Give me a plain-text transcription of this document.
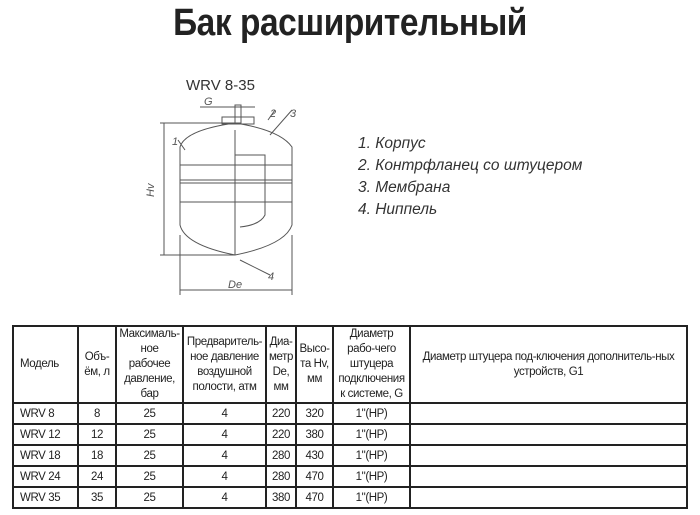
Бак расширительный
WRV 8-35
G
Hv
De
1
2 3
4
1. Корпус
2. Контрфланец со штуцером
3. Мембрана
4. Ниппель
Модель	Объ-ём, л	Максималь-ное рабочее давление, бар	Предваритель-ное давление воздушной полости, атм	Диа-метр De, мм	Высо-та Hv, мм	Диаметр рабо-чего штуцера подключения к системе, G	Диаметр штуцера под-ключения дополнитель-ных устройств, G1
WRV 8	8	25	4	220	320	1"(НР)	
WRV 12	12	25	4	220	380	1"(НР)	
WRV 18	18	25	4	280	430	1"(НР)	
WRV 24	24	25	4	280	470	1"(НР)	
WRV 35	35	25	4	380	470	1"(НР)	
